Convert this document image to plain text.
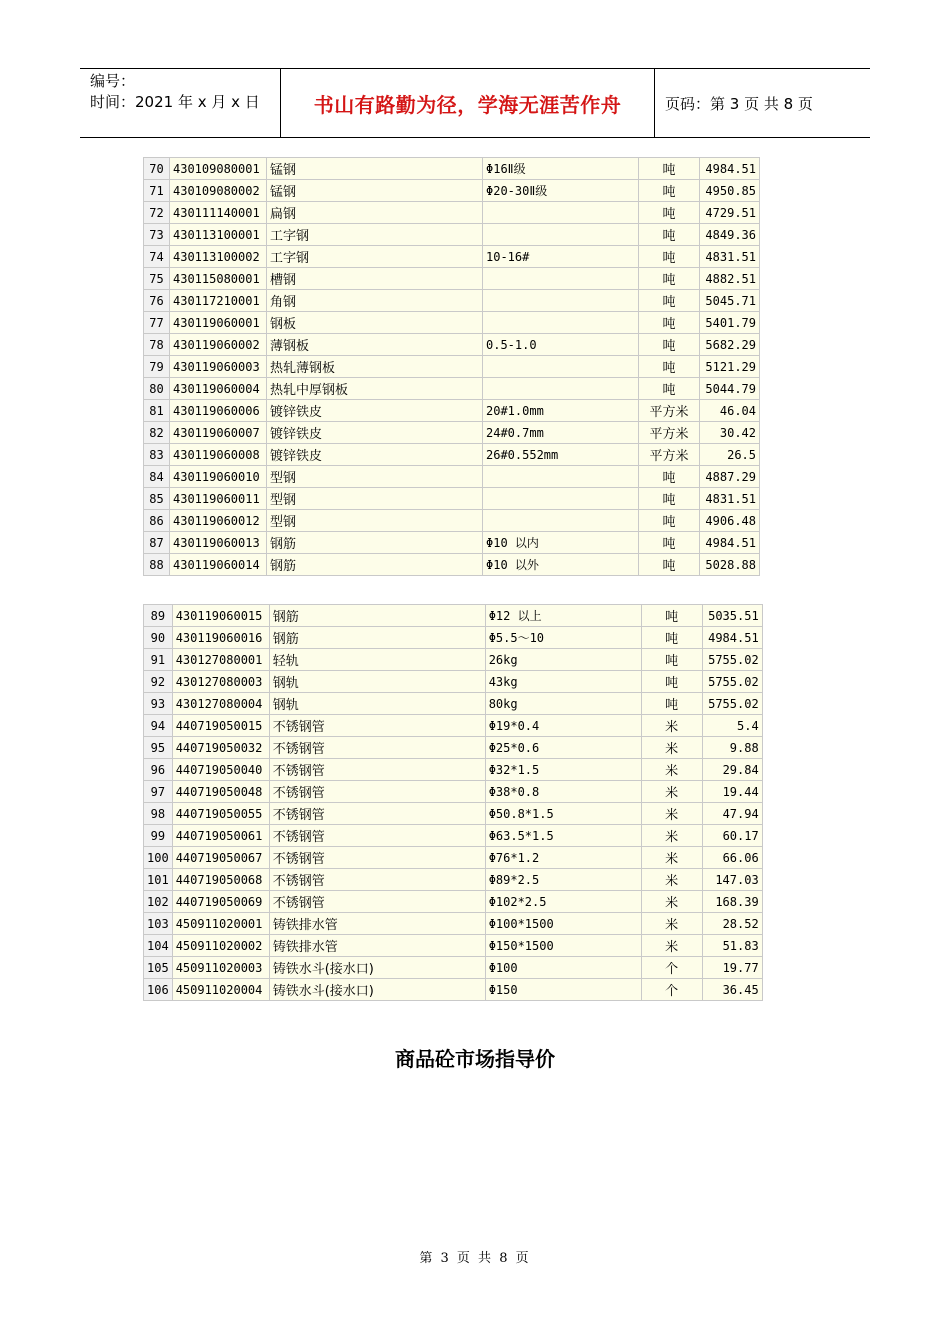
编号：
时间：2021 年 x 月 x 日	书山有路勤为径，学海无涯苦作舟	页码：第 3 页 共 8 页
70	430109080001	锰钢	Φ16Ⅱ级	吨	4984.51
71	430109080002	锰钢	Φ20-30Ⅱ级	吨	4950.85
72	430111140001	扁钢		吨	4729.51
73	430113100001	工字钢		吨	4849.36
74	430113100002	工字钢	10-16#	吨	4831.51
75	430115080001	槽钢		吨	4882.51
76	430117210001	角钢		吨	5045.71
77	430119060001	钢板		吨	5401.79
78	430119060002	薄钢板	0.5-1.0	吨	5682.29
79	430119060003	热轧薄钢板		吨	5121.29
80	430119060004	热轧中厚钢板		吨	5044.79
81	430119060006	镀锌铁皮	20#1.0mm	平方米	46.04
82	430119060007	镀锌铁皮	24#0.7mm	平方米	30.42
83	430119060008	镀锌铁皮	26#0.552mm	平方米	26.5
84	430119060010	型钢		吨	4887.29
85	430119060011	型钢		吨	4831.51
86	430119060012	型钢		吨	4906.48
87	430119060013	钢筋	Φ10 以内	吨	4984.51
88	430119060014	钢筋	Φ10 以外	吨	5028.88
89	430119060015	钢筋	Φ12 以上	吨	5035.51
90	430119060016	钢筋	Φ5.5～10	吨	4984.51
91	430127080001	轻轨	26kg	吨	5755.02
92	430127080003	钢轨	43kg	吨	5755.02
93	430127080004	钢轨	80kg	吨	5755.02
94	440719050015	不锈钢管	Φ19*0.4	米	5.4
95	440719050032	不锈钢管	Φ25*0.6	米	9.88
96	440719050040	不锈钢管	Φ32*1.5	米	29.84
97	440719050048	不锈钢管	Φ38*0.8	米	19.44
98	440719050055	不锈钢管	Φ50.8*1.5	米	47.94
99	440719050061	不锈钢管	Φ63.5*1.5	米	60.17
100	440719050067	不锈钢管	Φ76*1.2	米	66.06
101	440719050068	不锈钢管	Φ89*2.5	米	147.03
102	440719050069	不锈钢管	Φ102*2.5	米	168.39
103	450911020001	铸铁排水管	Φ100*1500	米	28.52
104	450911020002	铸铁排水管	Φ150*1500	米	51.83
105	450911020003	铸铁水斗(接水口)	Φ100	个	19.77
106	450911020004	铸铁水斗(接水口)	Φ150	个	36.45
商品砼市场指导价
第 3 页 共 8 页
